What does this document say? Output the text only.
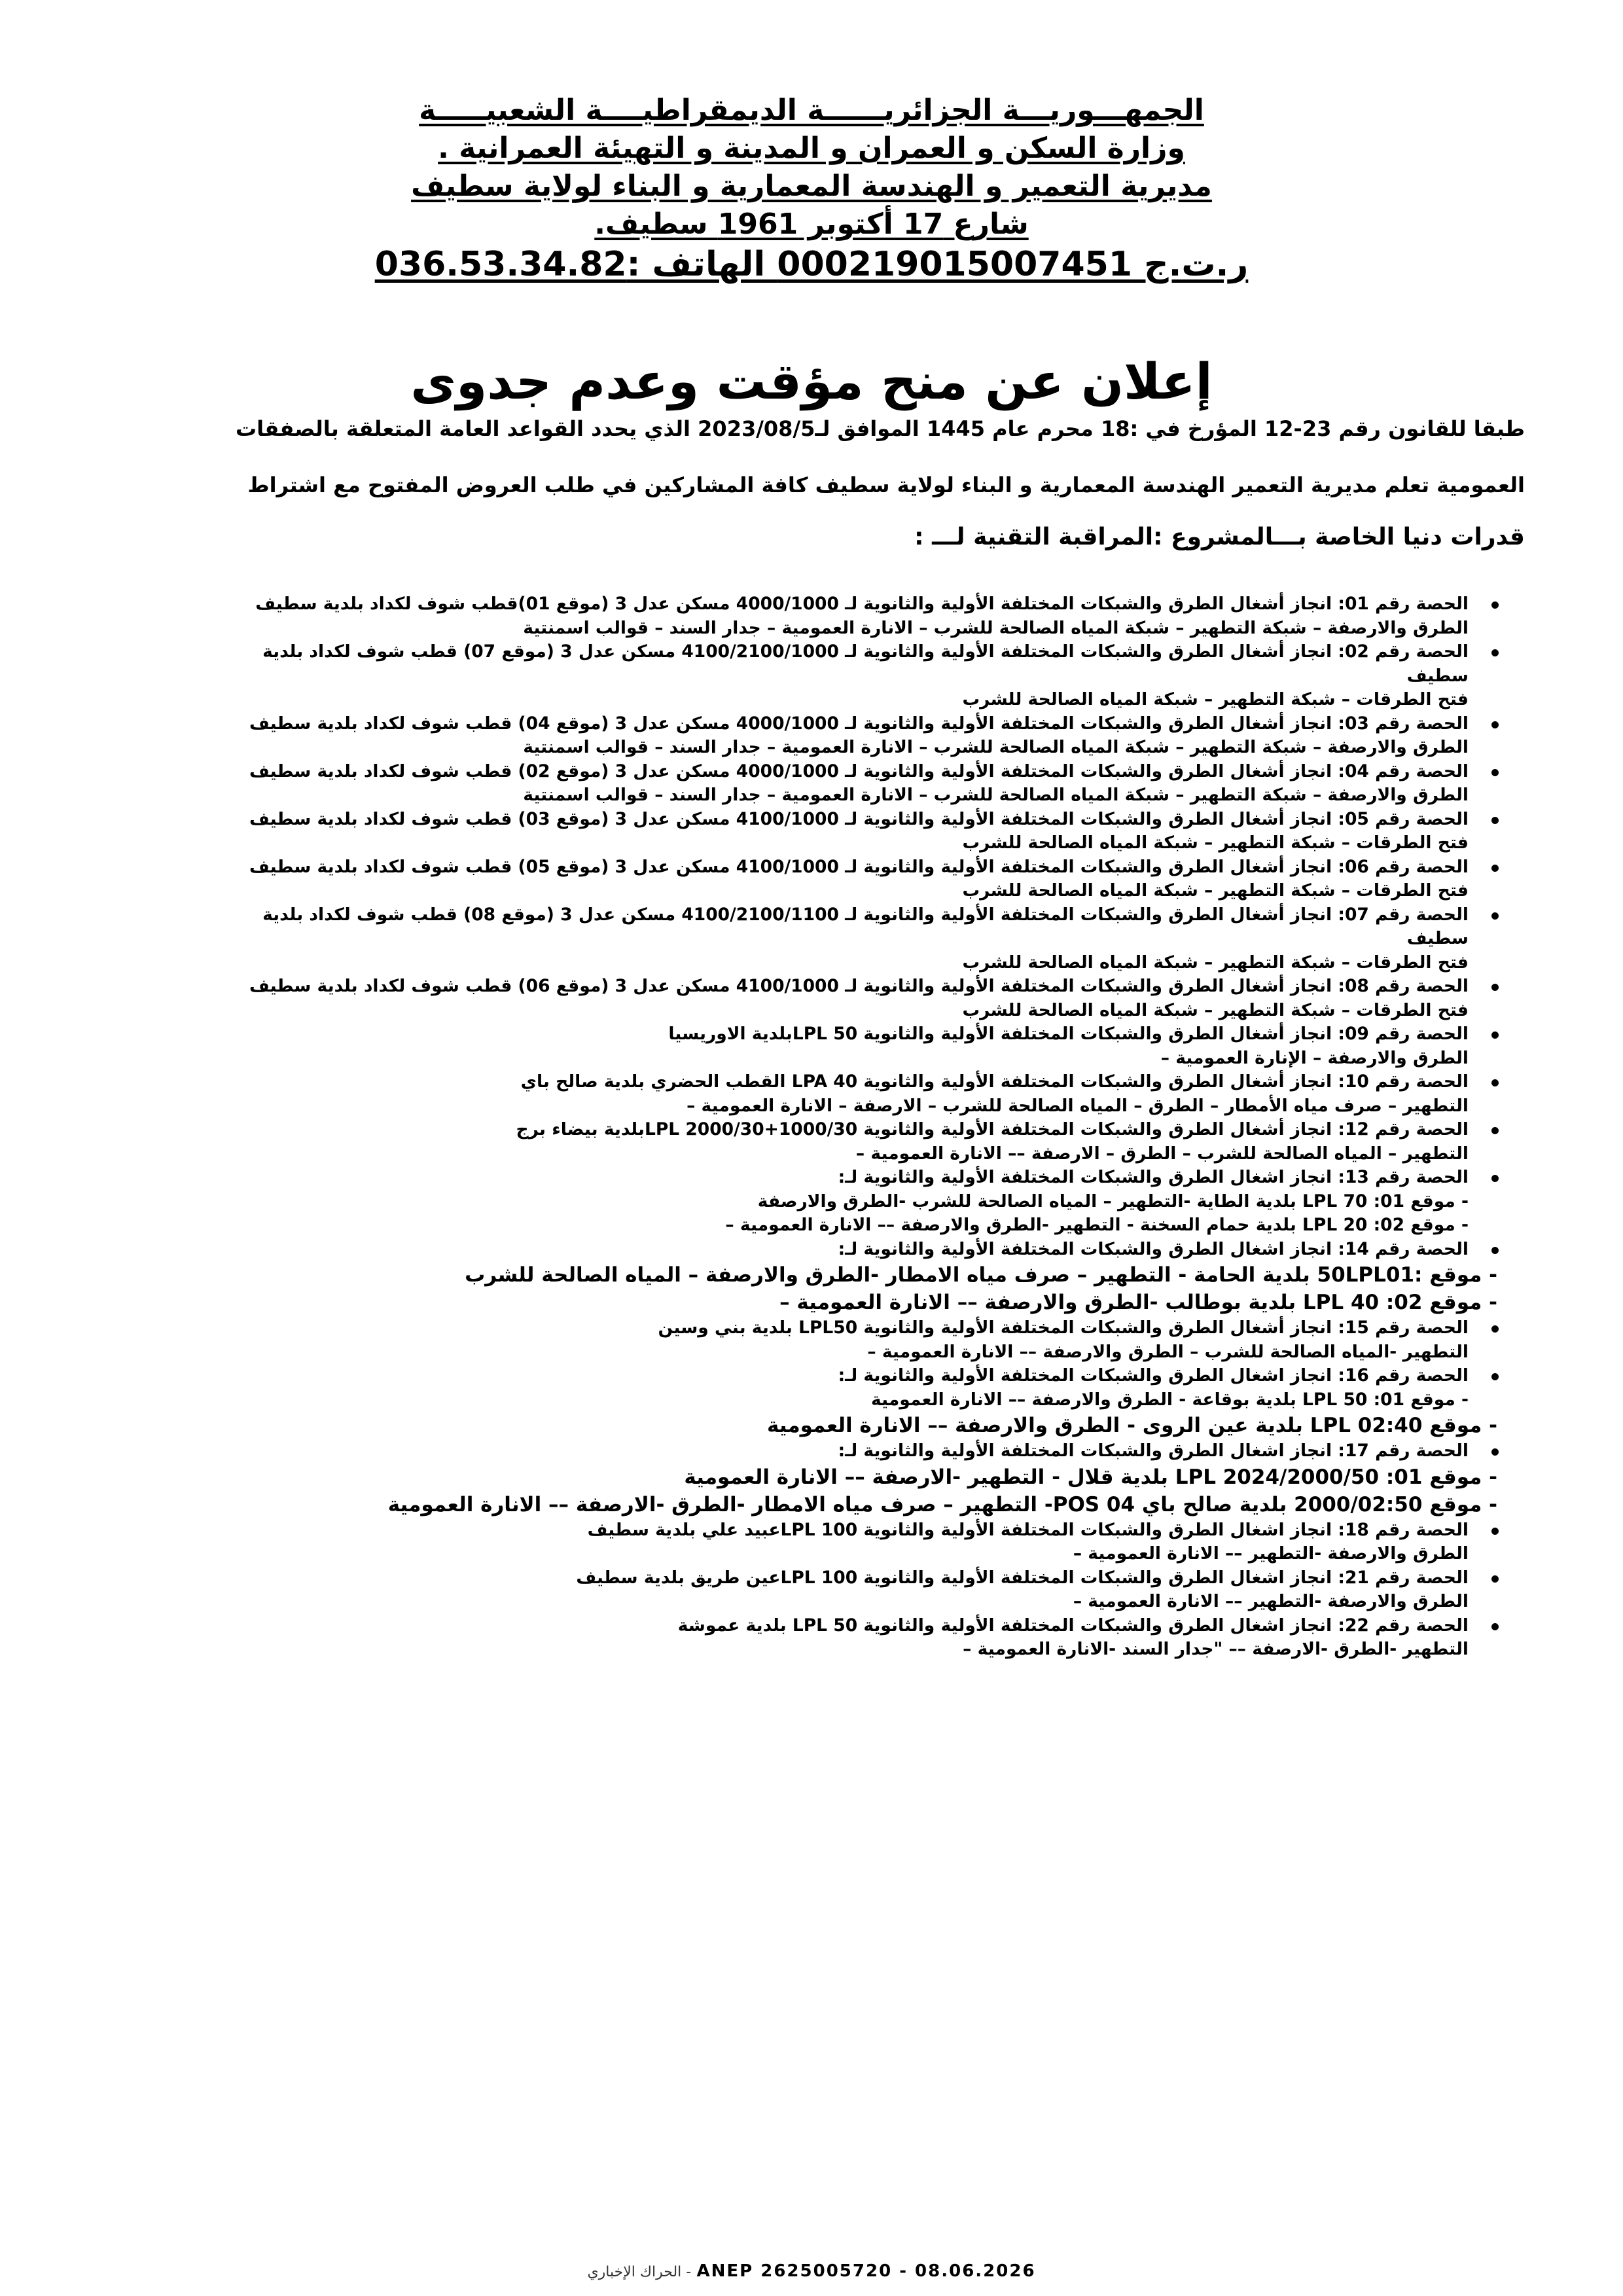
الجمهـــوريـــة الجزائريــــــة الديمقراطيــــة الشعبيـــــة

وزارة السكن و العمران و المدينة و التهيئة العمرانية .

مديرية التعمير و الهندسة المعمارية و البناء لولاية سطيف

شارع 17 أكتوبر 1961 سطيف.

ر.ت.ج 000219015007451 الهاتف :036.53.34.82

إعلان عن منح مؤقت وعدم جدوى

طبقا للقانون رقم 23-12 المؤرخ في :18 محرم عام 1445 الموافق لـ2023/08/5 الذي يحدد القواعد العامة المتعلقة بالصفقات

العمومية تعلم مديرية التعمير الهندسة المعمارية و البناء لولاية سطيف كافة المشاركين في طلب العروض المفتوح مع اشتراط

قدرات دنيا الخاصة بـــالمشروع :المراقبة التقنية لـــ :

الحصة رقم 01: انجاز أشغال الطرق والشبكات المختلفة الأولية والثانوية لـ 4000/1000 مسكن عدل 3 (موقع 01)قطب شوف لكداد بلدية سطيف

الطرق والارصفة – شبكة التطهير – شبكة المياه الصالحة للشرب – الانارة العمومية – جدار السند – قوالب اسمنتية

الحصة رقم 02: انجاز أشغال الطرق والشبكات المختلفة الأولية والثانوية لـ 4100/2100/1000 مسكن عدل 3 (موقع 07) قطب شوف لكداد بلدية

سطيف

فتح الطرقات – شبكة التطهير – شبكة المياه الصالحة للشرب

الحصة رقم 03: انجاز أشغال الطرق والشبكات المختلفة الأولية والثانوية لـ 4000/1000 مسكن عدل 3 (موقع 04) قطب شوف لكداد بلدية سطيف

الطرق والارصفة – شبكة التطهير – شبكة المياه الصالحة للشرب – الانارة العمومية – جدار السند – قوالب اسمنتية

الحصة رقم 04: انجاز أشغال الطرق والشبكات المختلفة الأولية والثانوية لـ 4000/1000 مسكن عدل 3 (موقع 02) قطب شوف لكداد بلدية سطيف

الطرق والارصفة – شبكة التطهير – شبكة المياه الصالحة للشرب – الانارة العمومية – جدار السند – قوالب اسمنتية

الحصة رقم 05: انجاز أشغال الطرق والشبكات المختلفة الأولية والثانوية لـ 4100/1000 مسكن عدل 3 (موقع 03) قطب شوف لكداد بلدية سطيف

فتح الطرقات – شبكة التطهير – شبكة المياه الصالحة للشرب

الحصة رقم 06: انجاز أشغال الطرق والشبكات المختلفة الأولية والثانوية لـ 4100/1000 مسكن عدل 3 (موقع 05) قطب شوف لكداد بلدية سطيف

فتح الطرقات – شبكة التطهير – شبكة المياه الصالحة للشرب

الحصة رقم 07: انجاز أشغال الطرق والشبكات المختلفة الأولية والثانوية لـ 4100/2100/1100 مسكن عدل 3 (موقع 08) قطب شوف لكداد بلدية

سطيف

فتح الطرقات – شبكة التطهير – شبكة المياه الصالحة للشرب

الحصة رقم 08: انجاز أشغال الطرق والشبكات المختلفة الأولية والثانوية لـ 4100/1000 مسكن عدل 3 (موقع 06) قطب شوف لكداد بلدية سطيف

فتح الطرقات – شبكة التطهير – شبكة المياه الصالحة للشرب

الحصة رقم 09: انجاز أشغال الطرق والشبكات المختلفة الأولية والثانوية LPL 50بلدية الاوريسيا

الطرق والارصفة – الإنارة العمومية –

الحصة رقم 10: انجاز أشغال الطرق والشبكات المختلفة الأولية والثانوية LPA 40 القطب الحضري بلدية صالح باي

التطهير – صرف مياه الأمطار – الطرق – المياه الصالحة للشرب – الارصفة – الانارة العمومية –

الحصة رقم 12: انجاز أشغال الطرق والشبكات المختلفة الأولية والثانوية LPL 2000/30+1000/30بلدية بيضاء برج

التطهير – المياه الصالحة للشرب – الطرق – الارصفة –– الانارة العمومية –

الحصة رقم 13: انجاز اشغال الطرق والشبكات المختلفة الأولية والثانوية لـ:

- موقع 01: LPL 70 بلدية الطاية -التطهير – المياه الصالحة للشرب -الطرق والارصفة

- موقع 02: LPL 20 بلدية حمام السخنة - التطهير -الطرق والارصفة –– الانارة العمومية –

الحصة رقم 14: انجاز اشغال الطرق والشبكات المختلفة الأولية والثانوية لـ:

- موقع :50LPL01 بلدية الحامة - التطهير – صرف مياه الامطار -الطرق والارصفة – المياه الصالحة للشرب

- موقع 02: LPL 40 بلدية بوطالب -الطرق والارصفة –– الانارة العمومية –

الحصة رقم 15: انجاز أشغال الطرق والشبكات المختلفة الأولية والثانوية LPL50 بلدية بني وسين

التطهير -المياه الصالحة للشرب – الطرق والارصفة –– الانارة العمومية –

الحصة رقم 16: انجاز اشغال الطرق والشبكات المختلفة الأولية والثانوية لـ:

- موقع 01: LPL 50 بلدية بوقاعة - الطرق والارصفة –– الانارة العمومية

- موقع 02:40 LPL بلدية عين الروى - الطرق والارصفة –– الانارة العمومية

الحصة رقم 17: انجاز اشغال الطرق والشبكات المختلفة الأولية والثانوية لـ:

- موقع 01: LPL 2024/2000/50 بلدية قلال - التطهير -الارصفة –– الانارة العمومية

- موقع 2000/02:50 بلدية صالح باي POS 04- التطهير – صرف مياه الامطار -الطرق -الارصفة –– الانارة العمومية

الحصة رقم 18: انجاز اشغال الطرق والشبكات المختلفة الأولية والثانوية LPL 100عبيد علي بلدية سطيف

الطرق والارصفة -التطهير –– الانارة العمومية –

الحصة رقم 21: انجاز اشغال الطرق والشبكات المختلفة الأولية والثانوية LPL 100عين طريق بلدية سطيف

الطرق والارصفة -التطهير –– الانارة العمومية –

الحصة رقم 22: انجاز اشغال الطرق والشبكات المختلفة الأولية والثانوية LPL 50 بلدية عموشة

التطهير -الطرق -الارصفة –– "جدار السند -الانارة العمومية –

الحراك الإخباري - ANEP 2625005720 - 08.06.2026
